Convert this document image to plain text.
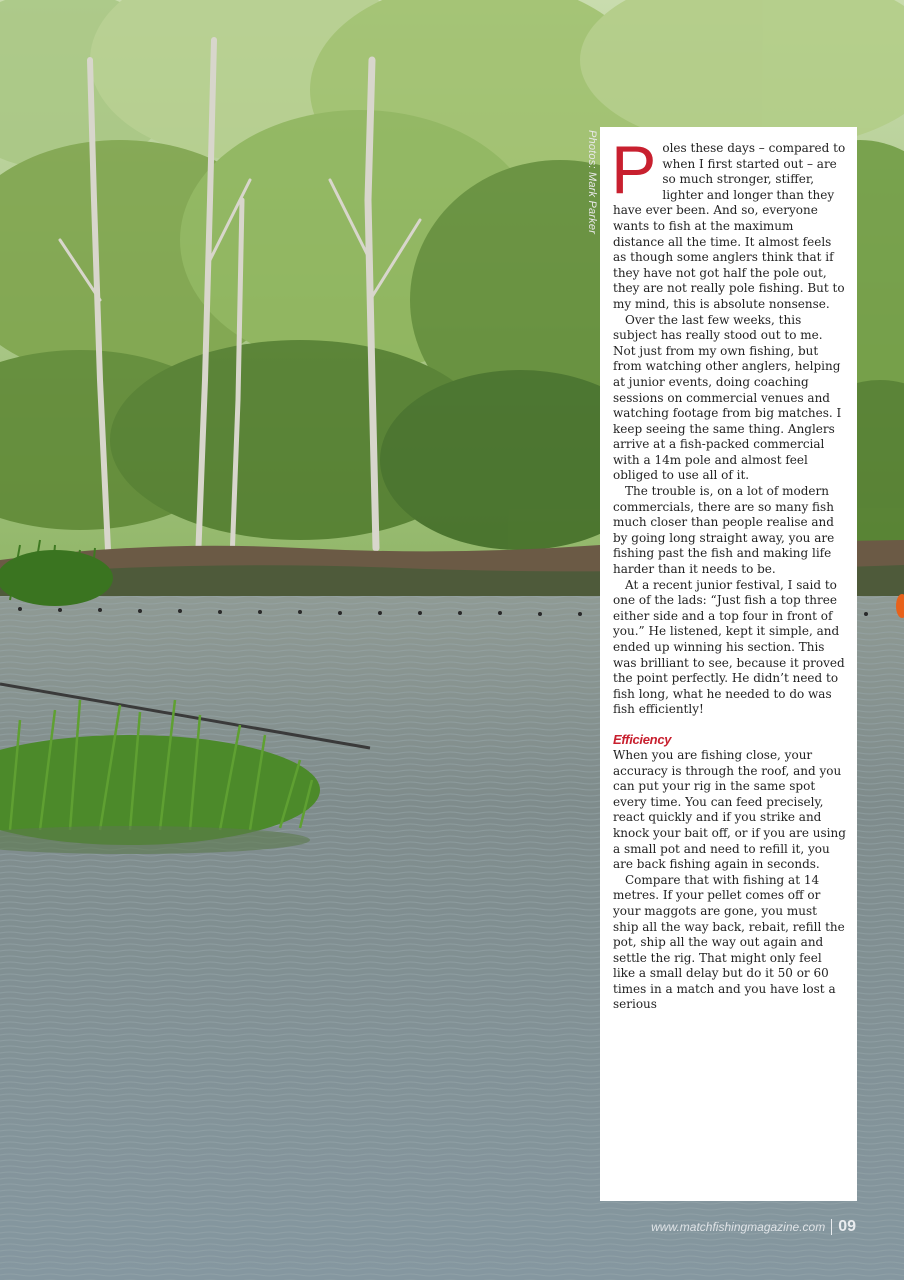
Photos: Mark Parker Poles these days – compared to when I first started out – are so much stronger, stiffer, lighter and longer than they have ever been. And so, everyone wants to fish at the maximum distance all the time. It almost feels as though some anglers think that if they have not got half the pole out, they are not really pole fishing. But to my mind, this is absolute nonsense.

Over the last few weeks, this subject has really stood out to me. Not just from my own fishing, but from watching other anglers, helping at junior events, doing coaching sessions on commercial venues and watching footage from big matches. I keep seeing the same thing. Anglers arrive at a fish-packed commercial with a 14m pole and almost feel obliged to use all of it.

The trouble is, on a lot of modern commercials, there are so many fish much closer than people realise and by going long straight away, you are fishing past the fish and making life harder than it needs to be.

At a recent junior festival, I said to one of the lads: “Just fish a top three either side and a top four in front of you.” He listened, kept it simple, and ended up winning his section. This was brilliant to see, because it proved the point perfectly. He didn’t need to fish long, what he needed to do was fish efficiently!

Efficiency

When you are fishing close, your accuracy is through the roof, and you can put your rig in the same spot every time. You can feed precisely, react quickly and if you strike and knock your bait off, or if you are using a small pot and need to refill it, you are back fishing again in seconds.

Compare that with fishing at 14 metres. If your pellet comes off or your maggots are gone, you must ship all the way back, rebait, refill the pot, ship all the way out again and settle the rig. That might only feel like a small delay but do it 50 or 60 times in a match and you have lost a serious

www.matchfishingmagazine.com 09
